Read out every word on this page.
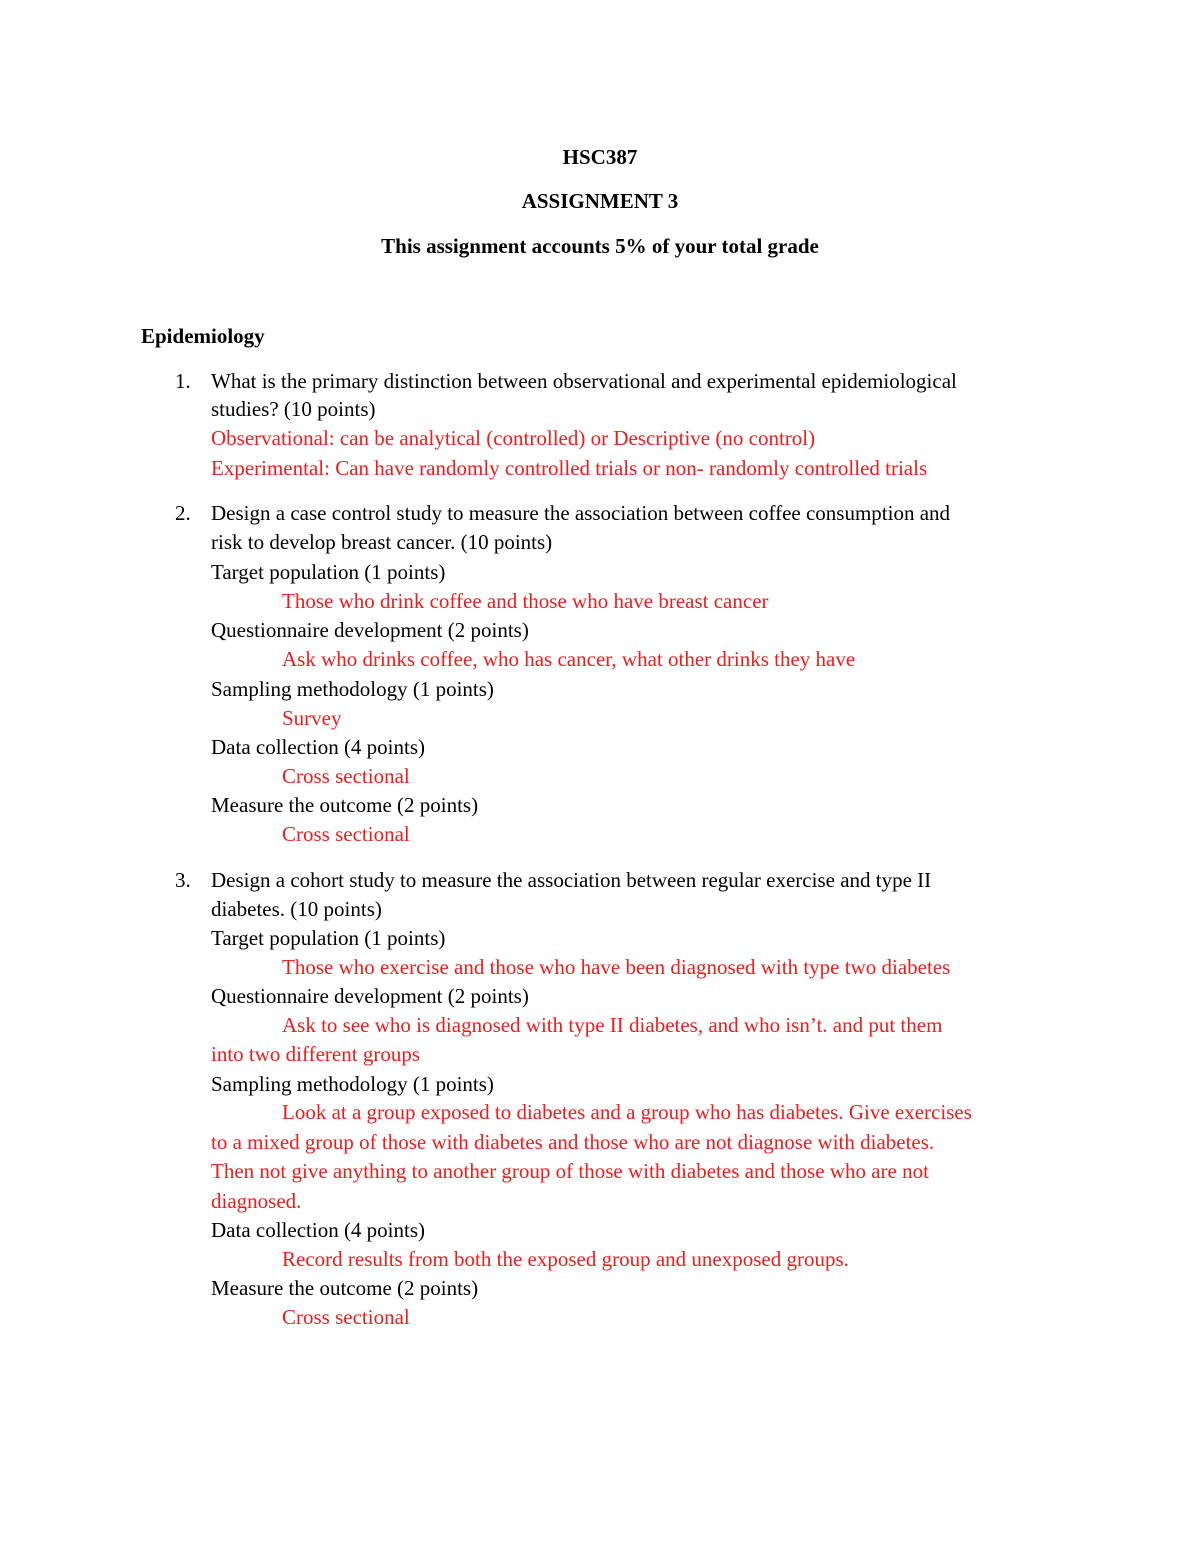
HSC387
ASSIGNMENT 3
This assignment accounts 5% of your total grade
Epidemiology
1. What is the primary distinction between observational and experimental epidemiological
studies? (10 points)
Observational: can be analytical (controlled) or Descriptive (no control)
Experimental: Can have randomly controlled trials or non- randomly controlled trials
2. Design a case control study to measure the association between coffee consumption and
risk to develop breast cancer. (10 points)
Target population (1 points)
Those who drink coffee and those who have breast cancer
Questionnaire development (2 points)
Ask who drinks coffee, who has cancer, what other drinks they have
Sampling methodology (1 points)
Survey
Data collection (4 points)
Cross sectional
Measure the outcome (2 points)
Cross sectional
3. Design a cohort study to measure the association between regular exercise and type II
diabetes. (10 points)
Target population (1 points)
Those who exercise and those who have been diagnosed with type two diabetes
Questionnaire development (2 points)
Ask to see who is diagnosed with type II diabetes, and who isn’t. and put them
into two different groups
Sampling methodology (1 points)
Look at a group exposed to diabetes and a group who has diabetes. Give exercises
to a mixed group of those with diabetes and those who are not diagnose with diabetes.
Then not give anything to another group of those with diabetes and those who are not
diagnosed.
Data collection (4 points)
Record results from both the exposed group and unexposed groups.
Measure the outcome (2 points)
Cross sectional
